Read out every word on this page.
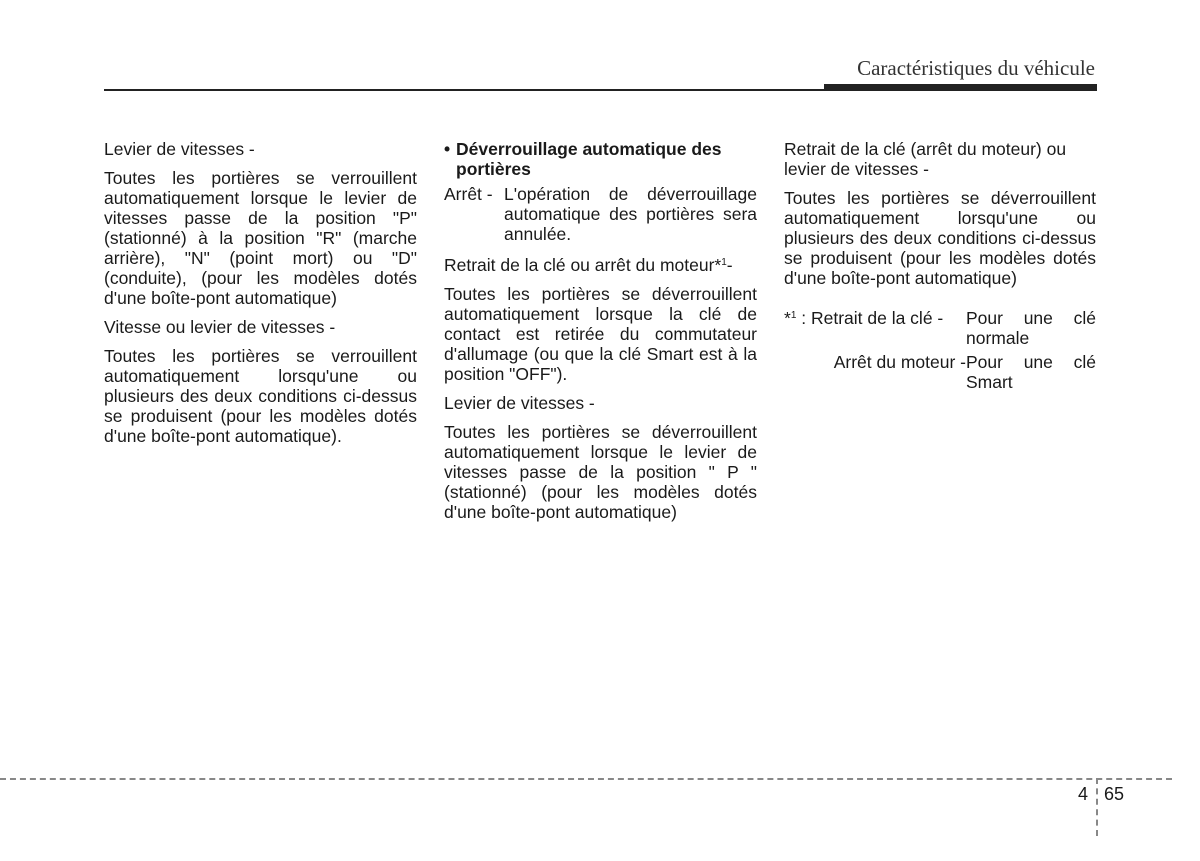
Caractéristiques du véhicule

Levier de vitesses -

Toutes les portières se verrouillent automatiquement lorsque le levier de vitesses passe de la position "P" (stationné) à la position "R" (marche arrière), "N" (point mort) ou "D" (conduite), (pour les modèles dotés d'une boîte-pont automatique)

Vitesse ou levier de vitesses -

Toutes les portières se verrouillent automatiquement lorsqu'une ou plusieurs des deux conditions ci-dessus se produisent (pour les modèles dotés d'une boîte-pont automatique).

• Déverrouillage automatique des portières
Arrêt - L'opération de déverrouillage automatique des portières sera annulée.

Retrait de la clé ou arrêt du moteur*$^1$-

Toutes les portières se déverrouillent automatiquement lorsque la clé de contact est retirée du commutateur d'allumage (ou que la clé Smart est à la position "OFF").

Levier de vitesses -

Toutes les portières se déverrouillent automatiquement lorsque le levier de vitesses passe de la position " P " (stationné) (pour les modèles dotés d'une boîte-pont automatique)

Retrait de la clé (arrêt du moteur) ou levier de vitesses -

Toutes les portières se déverrouillent automatiquement lorsqu'une ou plusieurs des deux conditions ci-dessus se produisent (pour les modèles dotés d'une boîte-pont automatique)

*$^1$ : Retrait de la clé -	Pour une clé normale
Arrêt du moteur - Pour une clé Smart
4 65
